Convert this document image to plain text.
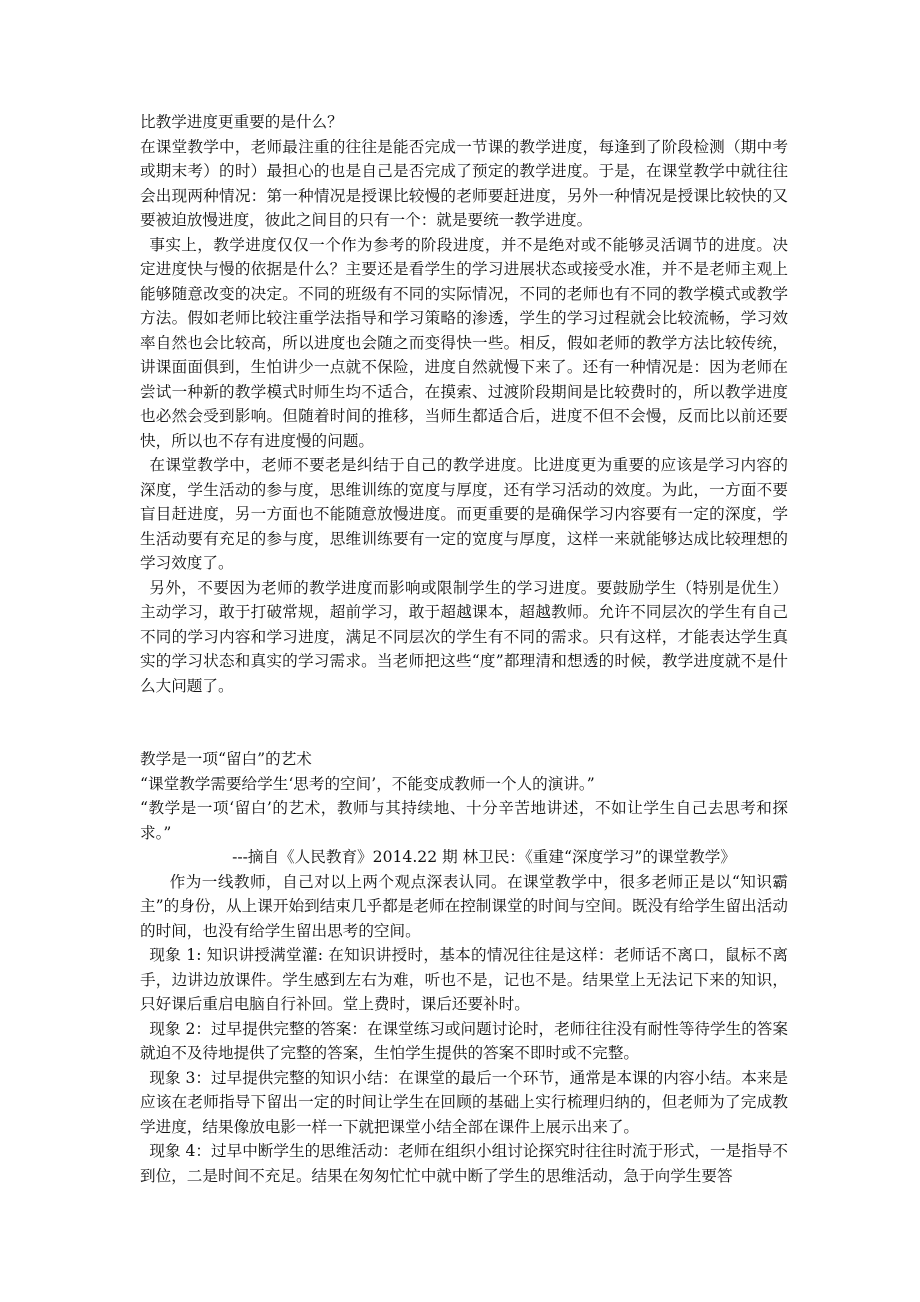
比教学进度更重要的是什么？

在课堂教学中，老师最注重的往往是能否完成一节课的教学进度，每逢到了阶段检测（期中考或期末考）的时）最担心的也是自己是否完成了预定的教学进度。于是，在课堂教学中就往往会出现两种情况：第一种情况是授课比较慢的老师要赶进度，另外一种情况是授课比较快的又要被迫放慢进度，彼此之间目的只有一个：就是要统一教学进度。

事实上，教学进度仅仅一个作为参考的阶段进度，并不是绝对或不能够灵活调节的进度。决定进度快与慢的依据是什么？主要还是看学生的学习进展状态或接受水准，并不是老师主观上能够随意改变的决定。不同的班级有不同的实际情况，不同的老师也有不同的教学模式或教学方法。假如老师比较注重学法指导和学习策略的渗透，学生的学习过程就会比较流畅，学习效率自然也会比较高，所以进度也会随之而变得快一些。相反，假如老师的教学方法比较传统，讲课面面俱到，生怕讲少一点就不保险，进度自然就慢下来了。还有一种情况是：因为老师在尝试一种新的教学模式时师生均不适合，在摸索、过渡阶段期间是比较费时的，所以教学进度也必然会受到影响。但随着时间的推移，当师生都适合后，进度不但不会慢，反而比以前还要快，所以也不存有进度慢的问题。

在课堂教学中，老师不要老是纠结于自己的教学进度。比进度更为重要的应该是学习内容的深度，学生活动的参与度，思维训练的宽度与厚度，还有学习活动的效度。为此，一方面不要盲目赶进度，另一方面也不能随意放慢进度。而更重要的是确保学习内容要有一定的深度，学生活动要有充足的参与度，思维训练要有一定的宽度与厚度，这样一来就能够达成比较理想的学习效度了。

另外，不要因为老师的教学进度而影响或限制学生的学习进度。要鼓励学生（特别是优生）主动学习，敢于打破常规，超前学习，敢于超越课本，超越教师。允许不同层次的学生有自己不同的学习内容和学习进度，满足不同层次的学生有不同的需求。只有这样，才能表达学生真实的学习状态和真实的学习需求。当老师把这些“度”都理清和想透的时候，教学进度就不是什么大问题了。

教学是一项“留白”的艺术

“课堂教学需要给学生‘思考的空间’，不能变成教师一个人的演讲。”

“教学是一项‘留白’的艺术，教师与其持续地、十分辛苦地讲述，不如让学生自己去思考和探求。”

---摘自《人民教育》2014.22 期 林卫民：《重建“深度学习”的课堂教学》

作为一线教师，自己对以上两个观点深表认同。在课堂教学中，很多老师正是以“知识霸主”的身份，从上课开始到结束几乎都是老师在控制课堂的时间与空间。既没有给学生留出活动的时间，也没有给学生留出思考的空间。

现象 1: 知识讲授满堂灌: 在知识讲授时，基本的情况往往是这样：老师话不离口，鼠标不离手，边讲边放课件。学生感到左右为难，听也不是，记也不是。结果堂上无法记下来的知识，只好课后重启电脑自行补回。堂上费时，课后还要补时。

现象 2：过早提供完整的答案：在课堂练习或问题讨论时，老师往往没有耐性等待学生的答案就迫不及待地提供了完整的答案，生怕学生提供的答案不即时或不完整。

现象 3：过早提供完整的知识小结：在课堂的最后一个环节，通常是本课的内容小结。本来是应该在老师指导下留出一定的时间让学生在回顾的基础上实行梳理归纳的，但老师为了完成教学进度，结果像放电影一样一下就把课堂小结全部在课件上展示出来了。

现象 4：过早中断学生的思维活动：老师在组织小组讨论探究时往往时流于形式，一是指导不到位，二是时间不充足。结果在匆匆忙忙中就中断了学生的思维活动，急于向学生要答
